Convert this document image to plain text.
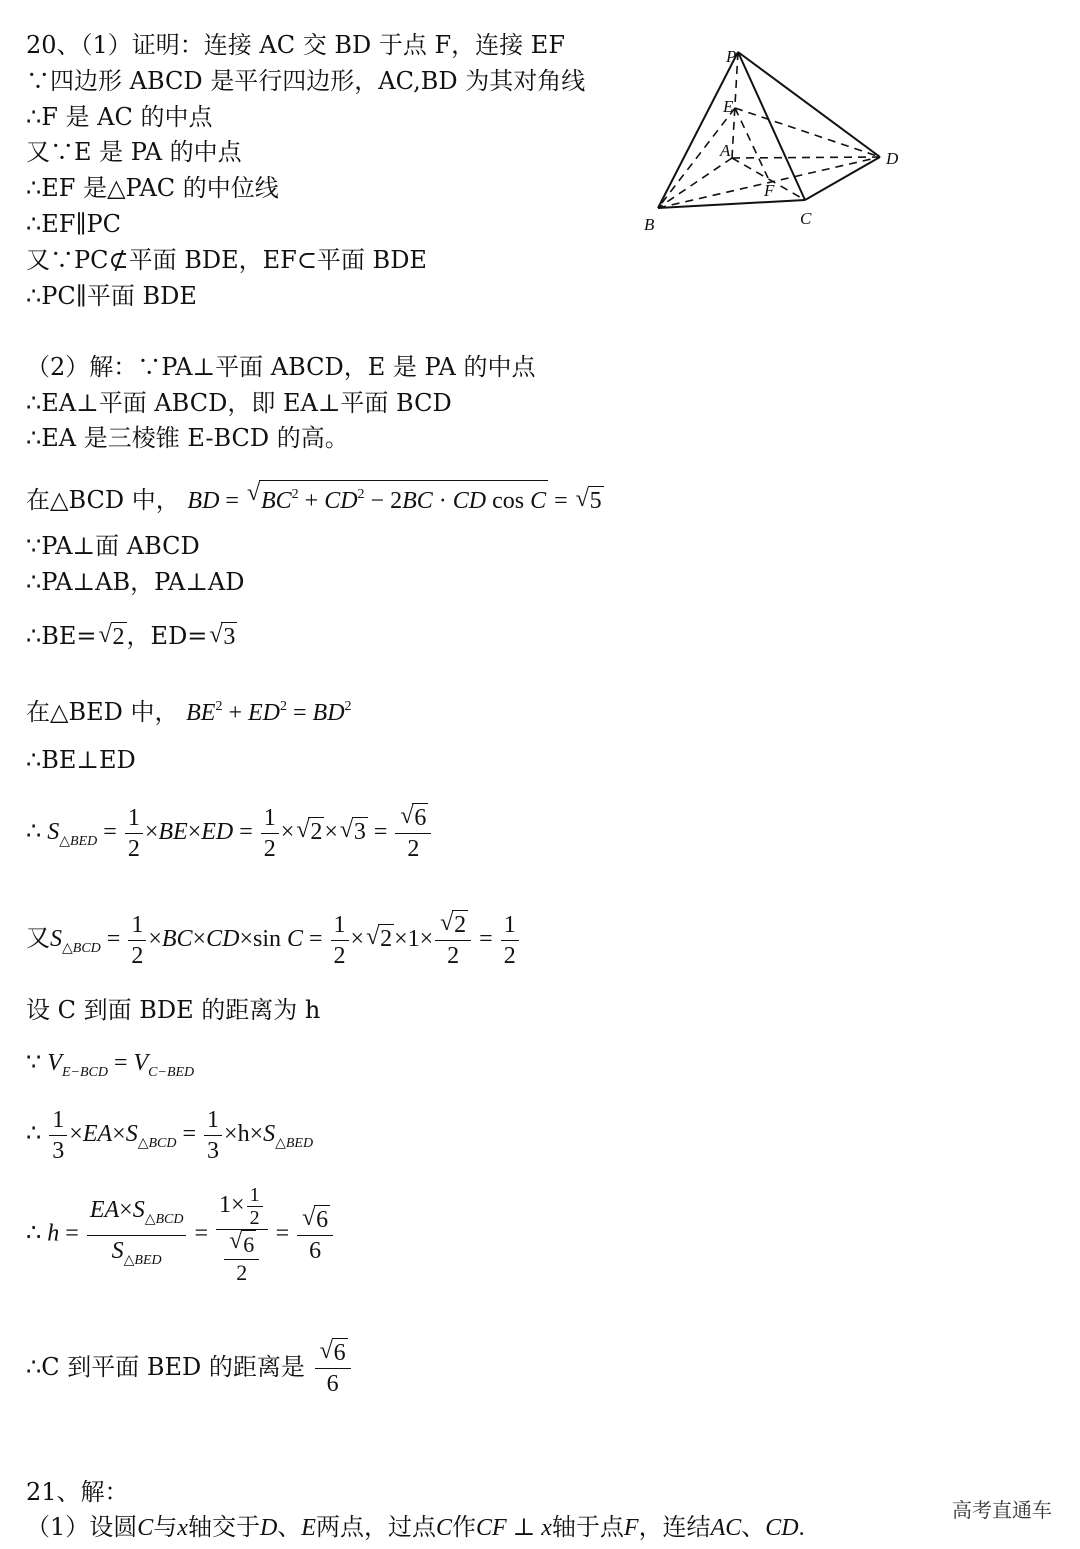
P
E
A	D
F
B	C
20、（1）证明：连接 AC 交 BD 于点 F，连接 EF
∵四边形 ABCD 是平行四边形，AC,BD 为其对角线
∴F 是 AC 的中点
又∵E 是 PA 的中点
∴EF 是△PAC 的中位线
∴EF∥PC
又∵PC⊄平面 BDE，EF⊂平面 BDE
∴PC∥平面 BDE
（2）解：∵PA⊥平面 ABCD，E 是 PA 的中点
∴EA⊥平面 ABCD，即 EA⊥平面 BCD
∴EA 是三棱锥 E-BCD 的高。
在△BCD 中， BD = √ $BC^2 + CD^2 - 2BC$ · CD cos C = √ 5
∵PA⊥面 ABCD
∴PA⊥AB，PA⊥AD
∴BE= √ 2，ED= √ 3
在△BED 中， $BE^2 + ED^2 = BD^2$
∴BE⊥ED
∴ $S_{\triangle BED} = \frac{1}{2} \times BE\times ED = \frac{1}{2}$ × √ 2× √ 3 = √ $\frac{6}{2}$
又$S_{\triangle BCD} = \frac{1}{2} \times BC\times CD\times\sin$ $C = \frac{1}{2}$ × √ 2×1× √ $\frac{2}{2} = \frac{1}{2}$
设 C 到面 BDE 的距离为 h
∵ $V_{E-BCD} = V_{C-BED}$
∴ $\frac{1}{3} \times EA\times S_{\triangle BCD} = \frac{1}{3} \times h\times S_{\triangle BED}$
∴ $h = \frac{EA\times S_{\triangle BCD}}{S_{\triangle BED}} = 1\times \frac{1}{2}$
√ $\frac{6}{2}$ = √ $\frac{6}{6}$
∴C 到平面 BED 的距离是 √ $\frac{6}{6}$
21、解：
（1）设圆C与x轴交于D、E两点，过点C作CF ⊥ x轴于点F，连结AC、CD.
高考直通车
